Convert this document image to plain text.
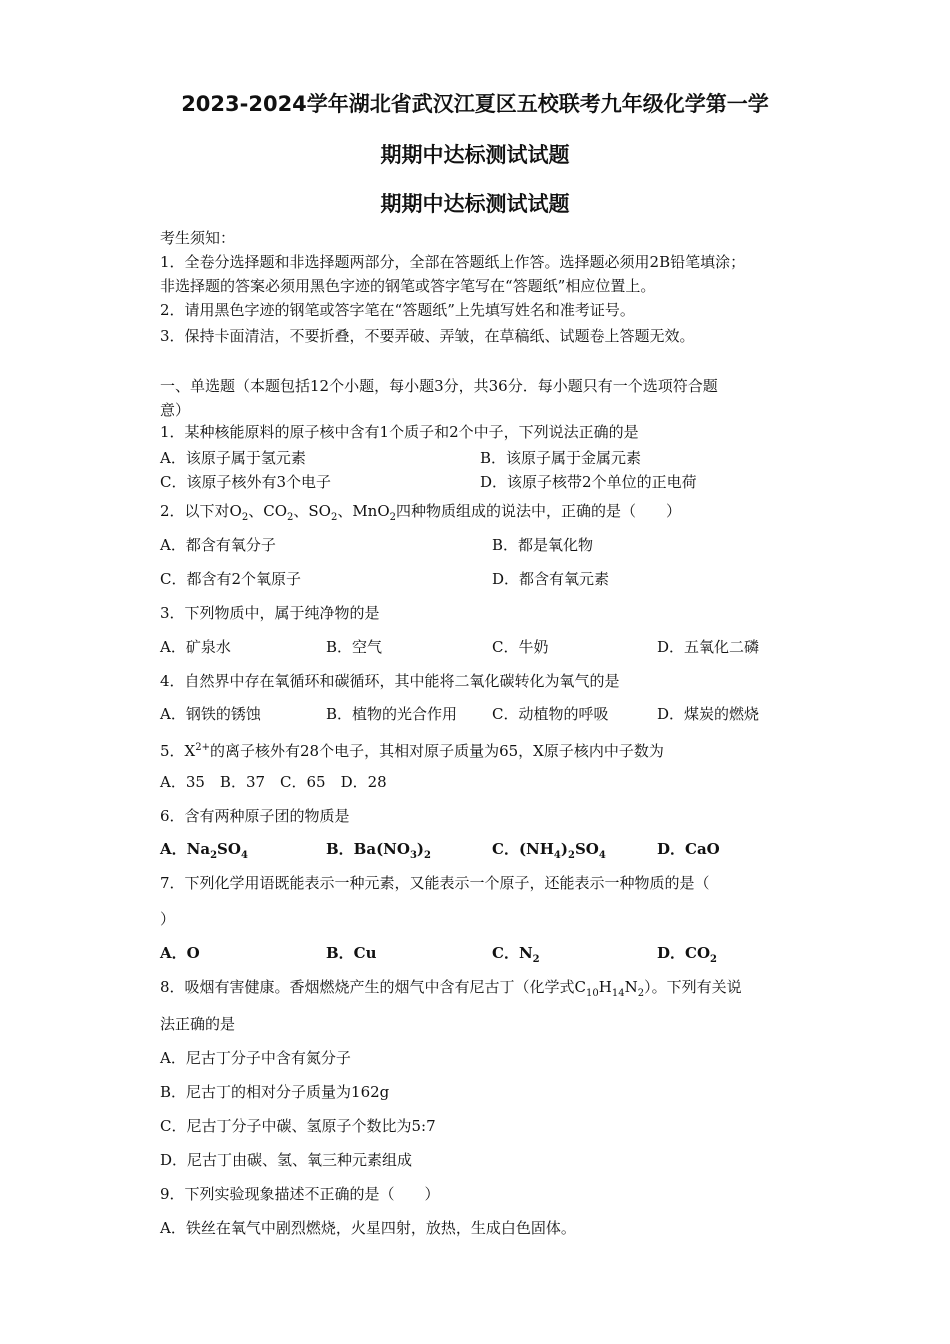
2023-2024学年湖北省武汉江夏区五校联考九年级化学第一学
期期中达标测试试题
期期中达标测试试题
考生须知：
1．全卷分选择题和非选择题两部分，全部在答题纸上作答。选择题必须用2B铅笔填涂；
非选择题的答案必须用黑色字迹的钢笔或答字笔写在“答题纸”相应位置上。
2．请用黑色字迹的钢笔或答字笔在“答题纸”上先填写姓名和准考证号。
3．保持卡面清洁，不要折叠，不要弄破、弄皱，在草稿纸、试题卷上答题无效。
一、单选题（本题包括12个小题，每小题3分，共36分．每小题只有一个选项符合题
意）
1．某种核能原料的原子核中含有1个质子和2个中子，下列说法正确的是
A．该原子属于氢元素	B．该原子属于金属元素
C．该原子核外有3个电子	D．该原子核带2个单位的正电荷
2．以下对$O_2$、$CO_2$、$SO_2$、MnO$_2$四种物质组成的说法中，正确的是（　　）
A．都含有氧分子	B．都是氧化物
C．都含有2个氧原子	D．都含有氧元素
3．下列物质中，属于纯净物的是
A．矿泉水	B．空气	C．牛奶	D．五氧化二磷
4．自然界中存在氧循环和碳循环，其中能将二氧化碳转化为氧气的是
A．钢铁的锈蚀	B．植物的光合作用 C．动植物的呼吸	D．煤炭的燃烧
5．$X^{2+}$的离子核外有28个电子，其相对原子质量为65，X原子核内中子数为
A．35　B．37　C．65　D．28
6．含有两种原子团的物质是
A．$Na_2SO_4$	B．$Ba(NO_3)_2$	C．$(NH_4)_2SO_4$	D．CaO
7．下列化学用语既能表示一种元素，又能表示一个原子，还能表示一种物质的是（
）
A．O	B．Cu	C．$N_2$	D．$CO_2$
8．吸烟有害健康。香烟燃烧产生的烟气中含有尼古丁（化学式$C_{10}H_{14}N_2$）。下列有关说
法正确的是
A．尼古丁分子中含有氮分子
B．尼古丁的相对分子质量为162g
C．尼古丁分子中碳、氢原子个数比为5:7
D．尼古丁由碳、氢、氧三种元素组成
9．下列实验现象描述不正确的是（　　）
A．铁丝在氧气中剧烈燃烧，火星四射，放热，生成白色固体。
